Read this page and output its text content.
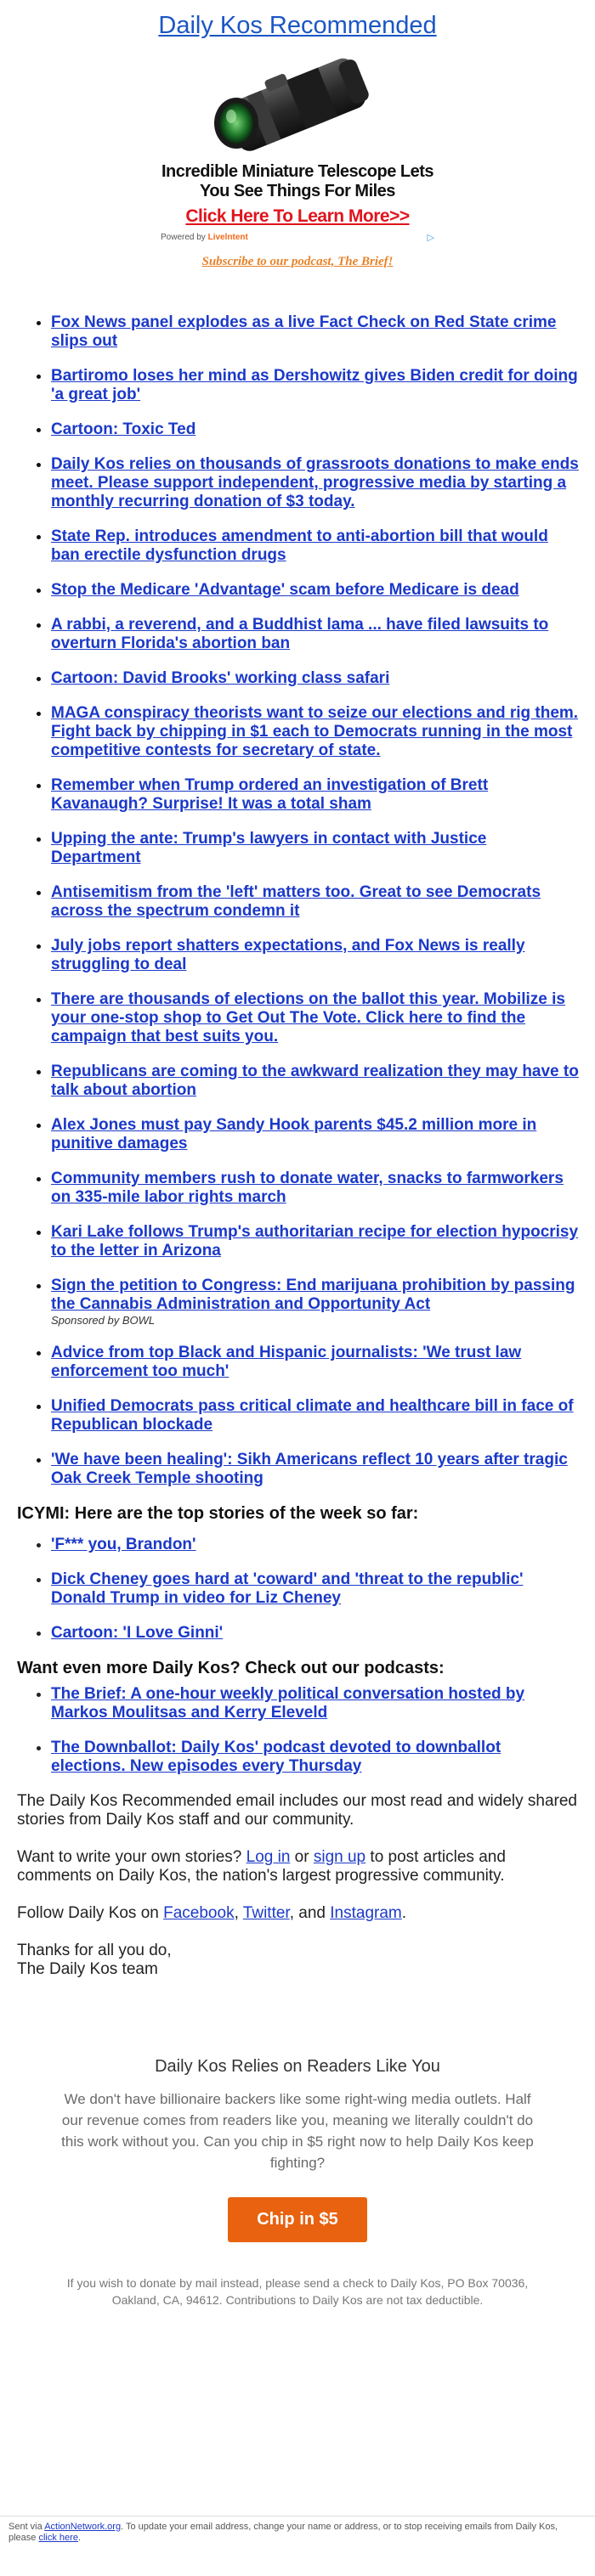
Daily Kos Recommended
Incredible Miniature Telescope Lets
You See Things For Miles
Click Here To Learn More>>
Powered by Livelntent	▷
Subscribe to our podcast, The Brief!
• Fox News panel explodes as a live Fact Check on Red State crime slips out
• Bartiromo loses her mind as Dershowitz gives Biden credit for doing 'a great job'
• Cartoon: Toxic Ted
• Daily Kos relies on thousands of grassroots donations to make ends meet. Please support independent, progressive media by starting a monthly recurring donation of $3 today.
• State Rep. introduces amendment to anti-abortion bill that would ban erectile dysfunction drugs
• Stop the Medicare 'Advantage' scam before Medicare is dead
• A rabbi, a reverend, and a Buddhist lama ... have filed lawsuits to overturn Florida's abortion ban
• Cartoon: David Brooks' working class safari
• MAGA conspiracy theorists want to seize our elections and rig them. Fight back by chipping in $1 each to Democrats running in the most competitive contests for secretary of state.
• Remember when Trump ordered an investigation of Brett Kavanaugh? Surprise! It was a total sham
• Upping the ante: Trump's lawyers in contact with Justice Department
• Antisemitism from the 'left' matters too. Great to see Democrats across the spectrum condemn it
• July jobs report shatters expectations, and Fox News is really struggling to deal
• There are thousands of elections on the ballot this year. Mobilize is your one-stop shop to Get Out The Vote. Click here to find the campaign that best suits you.
• Republicans are coming to the awkward realization they may have to talk about abortion
• Alex Jones must pay Sandy Hook parents $45.2 million more in punitive damages
• Community members rush to donate water, snacks to farmworkers on 335-mile labor rights march
• Kari Lake follows Trump's authoritarian recipe for election hypocrisy to the letter in Arizona
• Sign the petition to Congress: End marijuana prohibition by passing the Cannabis Administration and Opportunity Act
Sponsored by BOWL
• Advice from top Black and Hispanic journalists: 'We trust law enforcement too much'
• Unified Democrats pass critical climate and healthcare bill in face of Republican blockade
• 'We have been healing': Sikh Americans reflect 10 years after tragic Oak Creek Temple shooting
ICYMI: Here are the top stories of the week so far:
• 'F*** you, Brandon'
• Dick Cheney goes hard at 'coward' and 'threat to the republic' Donald Trump in video for Liz Cheney
• Cartoon: 'I Love Ginni'
Want even more Daily Kos? Check out our podcasts:
• The Brief: A one-hour weekly political conversation hosted by Markos Moulitsas and Kerry Eleveld
• The Downballot: Daily Kos' podcast devoted to downballot elections. New episodes every Thursday

The Daily Kos Recommended email includes our most read and widely shared stories from Daily Kos staff and our community.

Want to write your own stories? Log in or sign up to post articles and comments on Daily Kos, the nation's largest progressive community.

Follow Daily Kos on Facebook, Twitter, and Instagram.

Thanks for all you do,
The Daily Kos team

Daily Kos Relies on Readers Like You
We don't have billionaire backers like some right-wing media outlets. Half our revenue comes from readers like you, meaning we literally couldn't do this work without you. Can you chip in $5 right now to help Daily Kos keep fighting?
Chip in $5
If you wish to donate by mail instead, please send a check to Daily Kos, PO Box 70036, Oakland, CA, 94612. Contributions to Daily Kos are not tax deductible.
Sent via ActionNetwork.org. To update your email address, change your name or address, or to stop receiving emails from Daily Kos, please click here.
